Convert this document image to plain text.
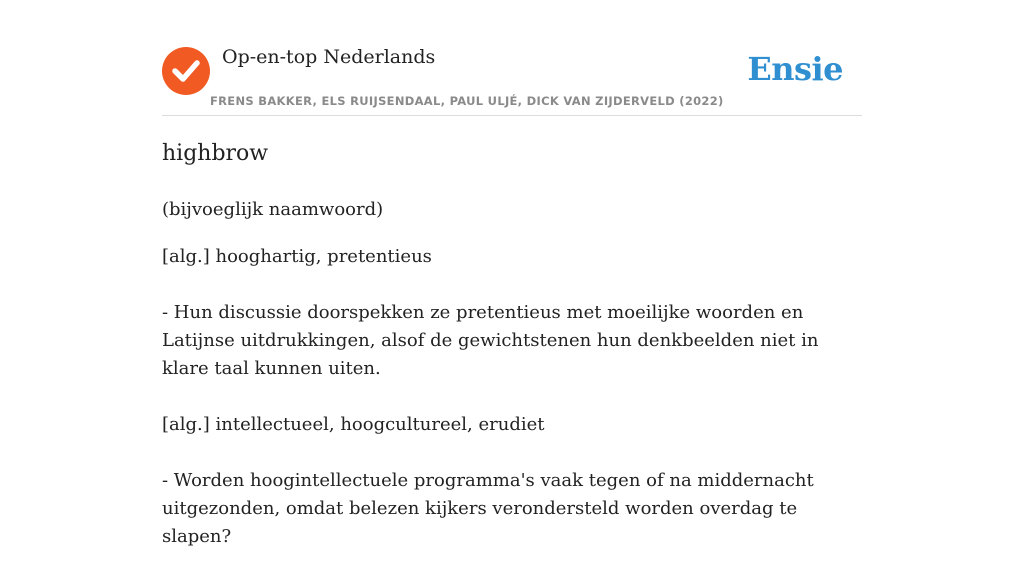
Op-en-top Nederlands
FRENS BAKKER, ELS RUIJSENDAAL, PAUL ULJÉ, DICK VAN ZIJDERVELD (2022)
Ensie
highbrow
(bijvoeglijk naamwoord)

[alg.] hooghartig, pretentieus

- Hun discussie doorspekken ze pretentieus met moeilijke woorden en Latijnse uitdrukkingen, alsof de gewichtstenen hun denkbeelden niet in klare taal kunnen uiten.

[alg.] intellectueel, hoogcultureel, erudiet

- Worden hoogintellectuele programma's vaak tegen of na middernacht uitgezonden, omdat belezen kijkers verondersteld worden overdag te slapen?
